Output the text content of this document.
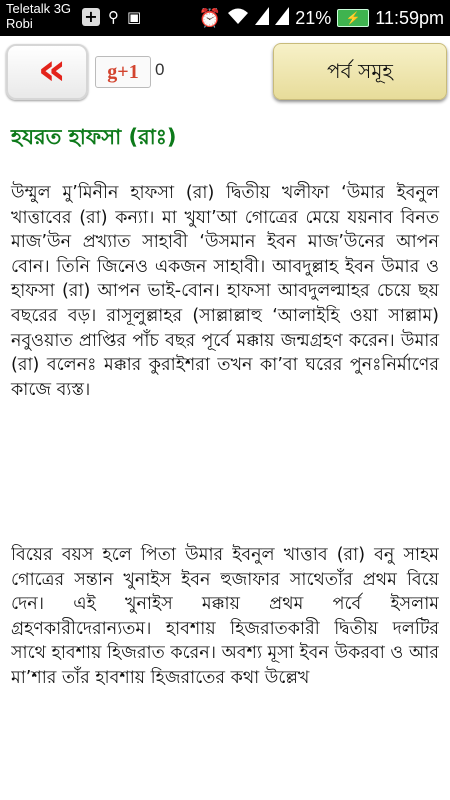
Teletalk 3G
Robi	+ ⚲ ▣	⏰	21%	⚡ 11:59pm
«	g+1 0	পর্ব সমূহ
হযরত হাফসা (রাঃ)

উম্মুল মু’মিনীন হাফসা (রা) দ্বিতীয় খলীফা ‘উমার ইবনুল খাত্তাবের (রা) কন্যা। মা খুযা’আ গোত্রের মেয়ে যয়নাব বিনত মাজ’উন প্রখ্যাত সাহাবী ‘উসমান ইবন মাজ’উনের আপন বোন। তিনি জিনেও একজন সাহাবী। আবদুল্লাহ ইবন উমার ও হাফসা (রা) আপন ভাই-বোন। হাফসা আবদুলল্মাহর চেয়ে ছয় বছরের বড়। রাসূলুল্লাহর (সাল্লাল্লাহু ‘আলাইহি ওয়া সাল্লাম) নবুওয়াত প্রাপ্তির পাঁচ বছর পূর্বে মক্কায় জন্মগ্রহণ করেন। উমার (রা) বলেনঃ মক্কার কুরাইশরা তখন কা’বা ঘরের পুনঃনির্মাণের কাজে ব্যস্ত।

বিয়ের বয়স হলে পিতা উমার ইবনুল খাত্তাব (রা) বনু সাহম গোত্রের সন্তান খুনাইস ইবন হুজাফার সাথেতাঁর প্রথম বিয়ে দেন। এই খুনাইস মক্কায় প্রথম পর্বে ইসলাম গ্রহণকারীদেরান্যতম। হাবশায় হিজরাতকারী দ্বিতীয় দলটির সাথে হাবশায় হিজরাত করেন। অবশ্য মূসা ইবন উকরবা ও আর মা’শার তাঁর হাবশায় হিজরাতের কথা উল্লেখ
